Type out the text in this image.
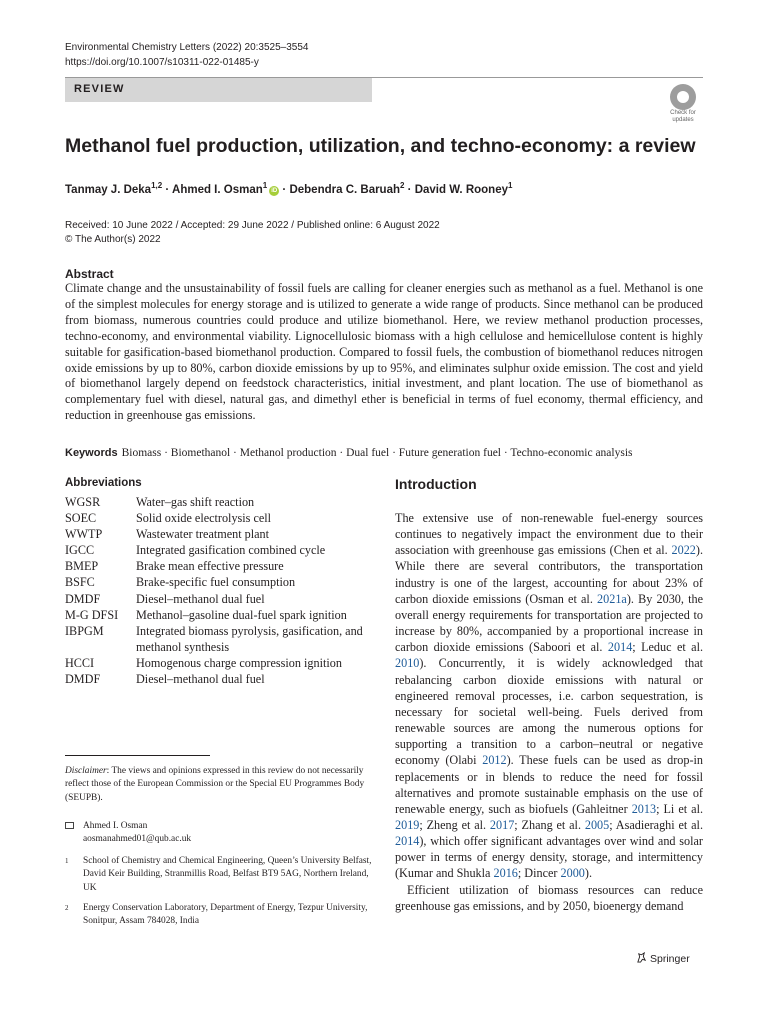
Environmental Chemistry Letters (2022) 20:3525–3554
https://doi.org/10.1007/s10311-022-01485-y
REVIEW
Check for
updates
Methanol fuel production, utilization, and techno-economy: a review
Tanmay J. Deka$^{1,2}$ · Ahmed I. Osman$^1$iD · Debendra C. Baruah$^2$ · David W. Rooney$^1$
Received: 10 June 2022 / Accepted: 29 June 2022 / Published online: 6 August 2022
© The Author(s) 2022
Abstract
Climate change and the unsustainability of fossil fuels are calling for cleaner energies such as methanol as a fuel. Methanol is one of the simplest molecules for energy storage and is utilized to generate a wide range of products. Since methanol can be produced from biomass, numerous countries could produce and utilize biomethanol. Here, we review methanol production processes, techno-economy, and environmental viability. Lignocellulosic biomass with a high cellulose and hemicellulose content is highly suitable for gasification-based biomethanol production. Compared to fossil fuels, the combustion of biomethanol reduces nitrogen oxide emissions by up to 80%, carbon dioxide emissions by up to 95%, and eliminates sulphur oxide emission. The cost and yield of biomethanol largely depend on feedstock characteristics, initial investment, and plant location. The use of biomethanol as complementary fuel with diesel, natural gas, and dimethyl ether is beneficial in terms of fuel economy, thermal efficiency, and reduction in greenhouse gas emissions.
Keywords Biomass · Biomethanol · Methanol production · Dual fuel · Future generation fuel · Techno-economic analysis
Abbreviations
WGSR	Water–gas shift reaction
SOEC	Solid oxide electrolysis cell
WWTP	Wastewater treatment plant
IGCC	Integrated gasification combined cycle
BMEP	Brake mean effective pressure
BSFC	Brake-specific fuel consumption
DMDF	Diesel–methanol dual fuel
M-G DFSI	Methanol–gasoline dual-fuel spark ignition
IBPGM	Integrated biomass pyrolysis, gasification, and methanol synthesis
HCCI	Homogenous charge compression ignition
DMDF	Diesel–methanol dual fuel
Disclaimer: The views and opinions expressed in this review do not necessarily reflect those of the European Commission or the Special EU Programmes Body (SEUPB).
Ahmed I. Osman
aosmanahmed01@qub.ac.uk
1 School of Chemistry and Chemical Engineering, Queen’s University Belfast, David Keir Building, Stranmillis Road, Belfast BT9 5AG, Northern Ireland, UK
2 Energy Conservation Laboratory, Department of Energy, Tezpur University, Sonitpur, Assam 784028, India
Introduction

The extensive use of non-renewable fuel-energy sources continues to negatively impact the environment due to their association with greenhouse gas emissions (Chen et al. 2022). While there are several contributors, the transportation industry is one of the largest, accounting for about 23% of carbon dioxide emissions (Osman et al. 2021a). By 2030, the overall energy requirements for transportation are projected to increase by 80%, accompanied by a proportional increase in carbon dioxide emissions (Saboori et al. 2014; Leduc et al. 2010). Concurrently, it is widely acknowledged that rebalancing carbon dioxide emissions with natural or engineered removal processes, i.e. carbon sequestration, is necessary for societal well-being. Fuels derived from renewable sources are among the numerous options for supporting a transition to a carbon–neutral or negative economy (Olabi 2012). These fuels can be used as drop-in replacements or in blends to reduce the need for fossil alternatives and promote sustainable emphasis on the use of renewable energy, such as biofuels (Gahleitner 2013; Li et al. 2019; Zheng et al. 2017; Zhang et al. 2005; Asadieraghi et al. 2014), which offer significant advantages over wind and solar power in terms of energy density, storage, and intermittency (Kumar and Shukla 2016; Dincer 2000).

Efficient utilization of biomass resources can reduce greenhouse gas emissions, and by 2050, bioenergy demand

Springer
